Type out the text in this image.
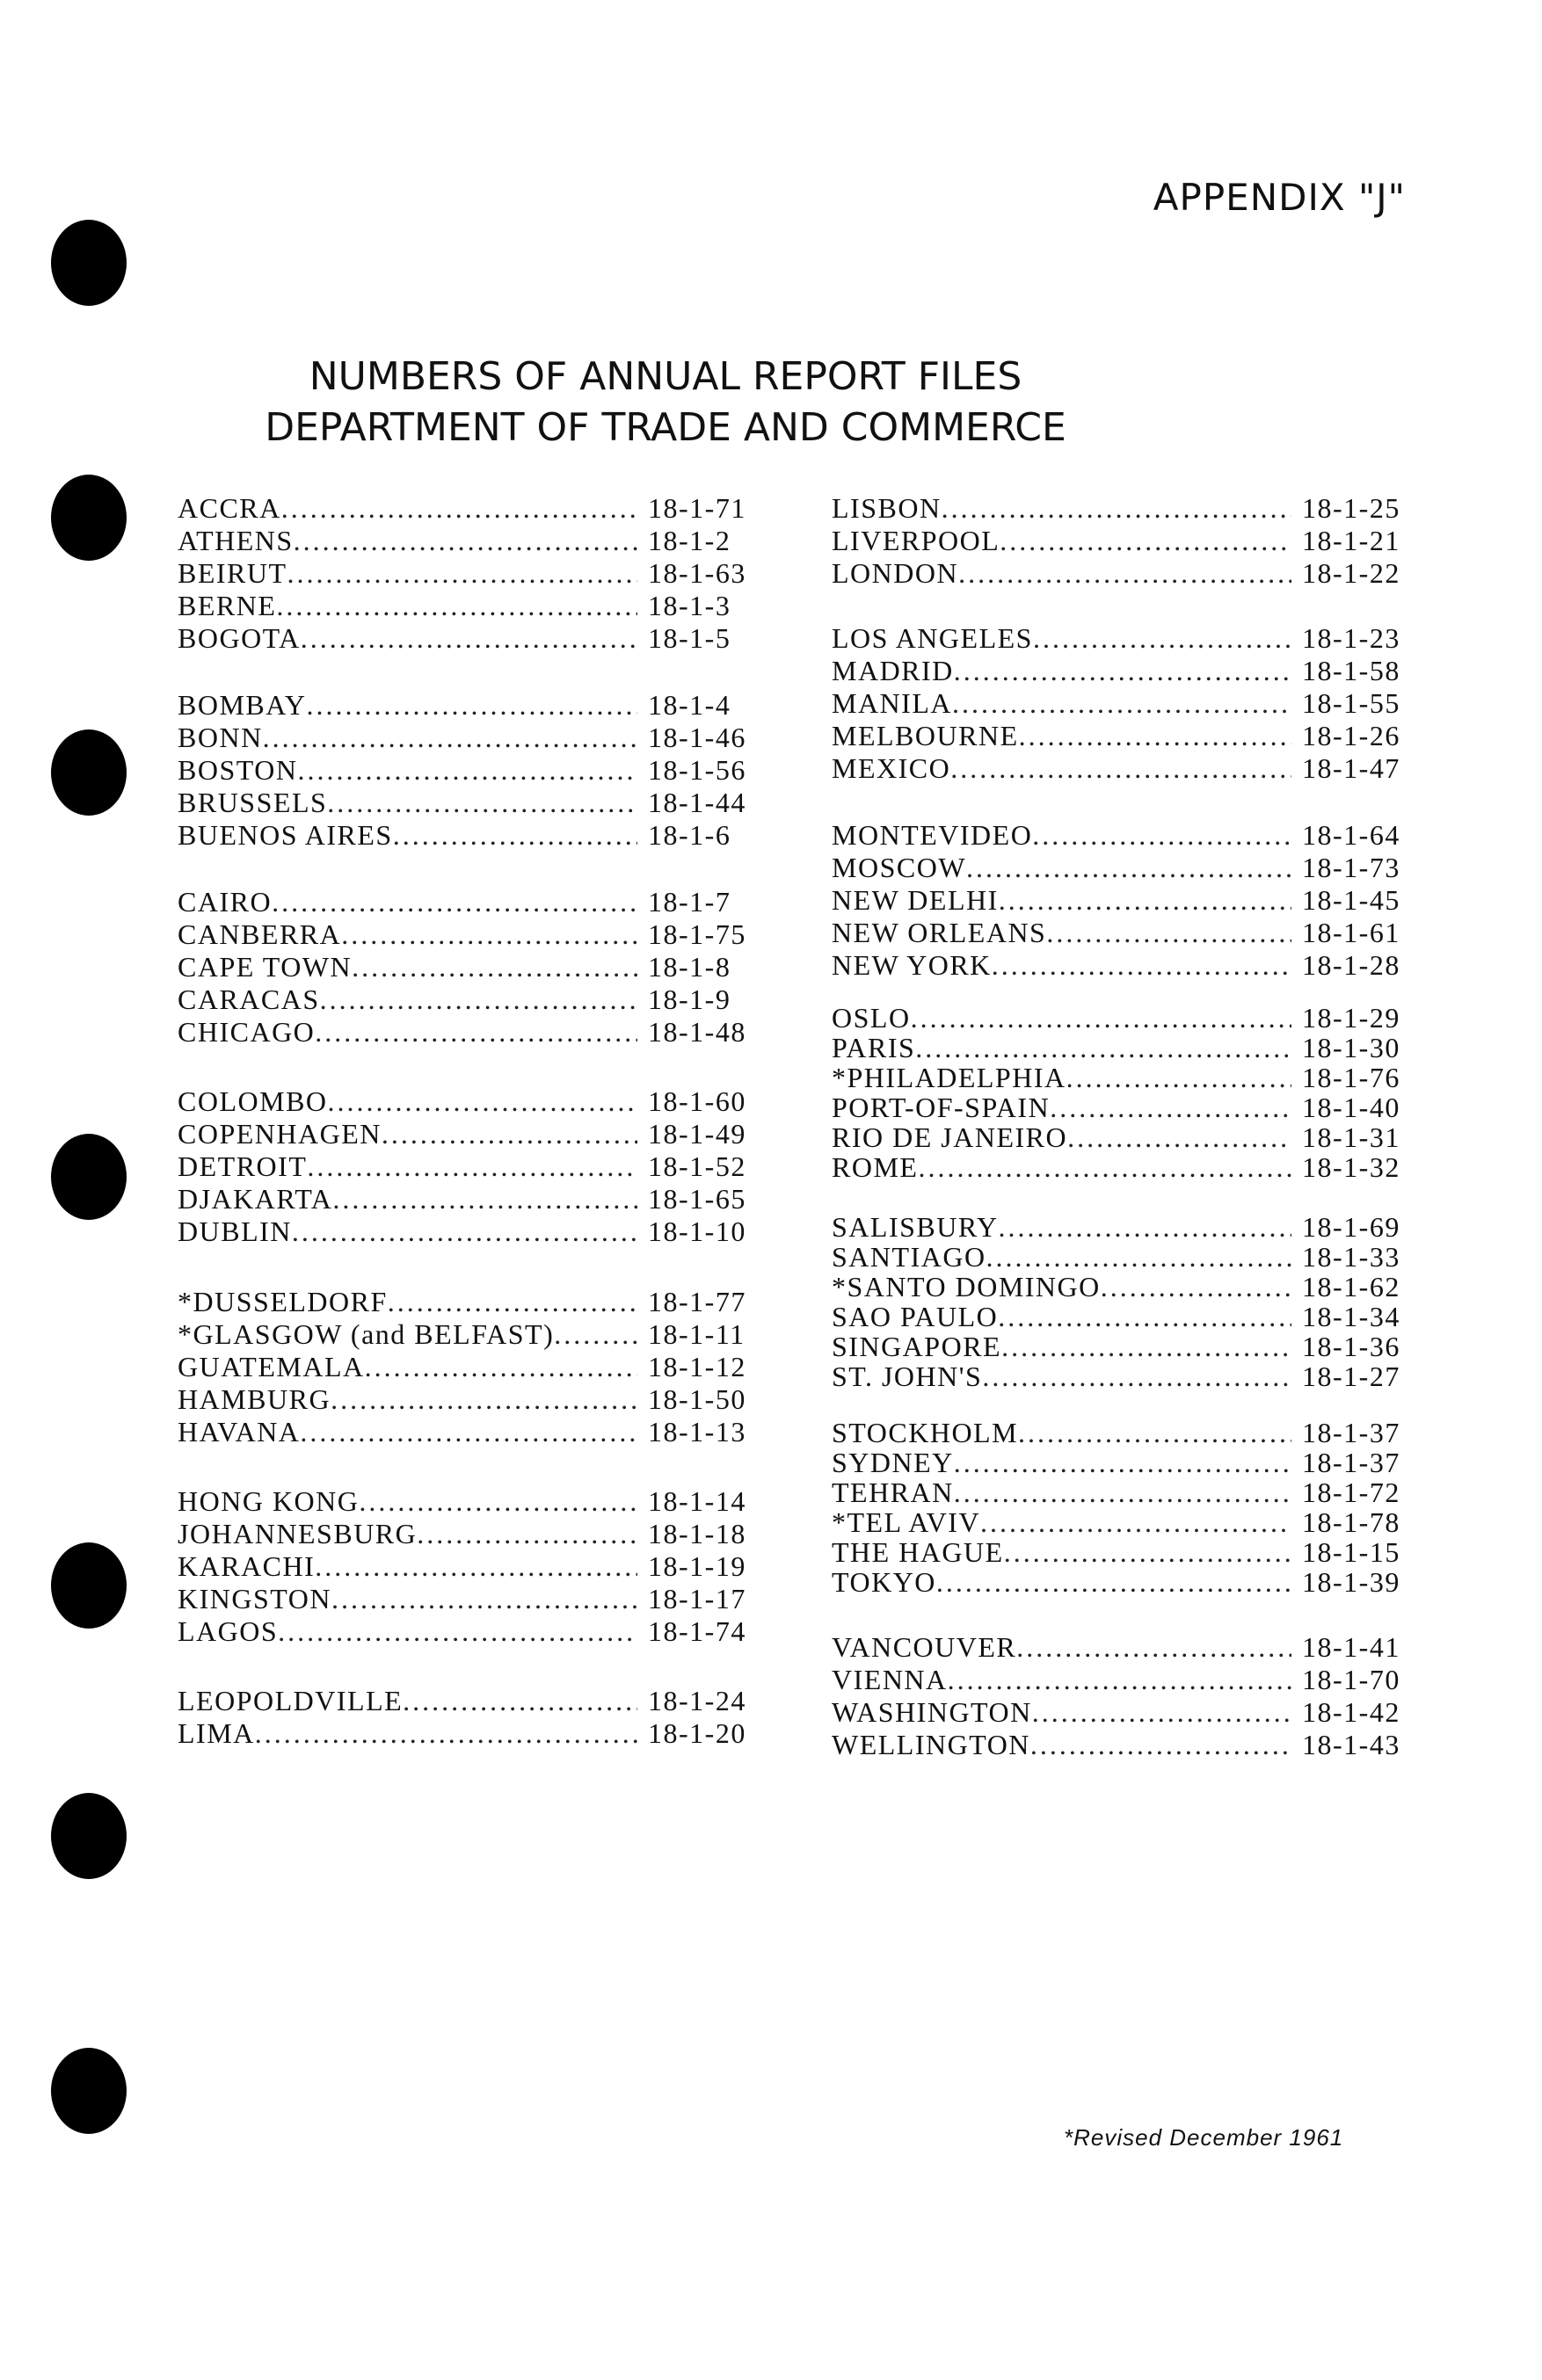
APPENDIX "J"
NUMBERS OF ANNUAL REPORT FILES
DEPARTMENT OF TRADE AND COMMERCE
ACCRA .....	18-1-71
ATHENS .....	18-1-2
BEIRUT .....	18-1-63
BERNE .....	18-1-3
BOGOTA .....	18-1-5
BOMBAY .....	18-1-4
BONN .....	18-1-46
BOSTON .....	18-1-56
BRUSSELS .....	18-1-44
BUENOS AIRES .....	18-1-6
CAIRO .....	18-1-7
CANBERRA .....	18-1-75
CAPE TOWN .....	18-1-8
CARACAS .....	18-1-9
CHICAGO .....	18-1-48
COLOMBO .....	18-1-60
COPENHAGEN .....	18-1-49
DETROIT .....	18-1-52
DJAKARTA .....	18-1-65
DUBLIN .....	18-1-10
*DUSSELDORF .....	18-1-77
*GLASGOW (and BELFAST) .....	18-1-11
GUATEMALA .....	18-1-12
HAMBURG .....	18-1-50
HAVANA .....	18-1-13
HONG KONG .....	18-1-14
JOHANNESBURG .....	18-1-18
KARACHI .....	18-1-19
KINGSTON .....	18-1-17
LAGOS .....	18-1-74
LEOPOLDVILLE .....	18-1-24
LIMA .....	18-1-20
LISBON .....	18-1-25
LIVERPOOL .....	18-1-21
LONDON .....	18-1-22
LOS ANGELES .....	18-1-23
MADRID .....	18-1-58
MANILA .....	18-1-55
MELBOURNE .....	18-1-26
MEXICO .....	18-1-47
MONTEVIDEO .....	18-1-64
MOSCOW .....	18-1-73
NEW DELHI .....	18-1-45
NEW ORLEANS .....	18-1-61
NEW YORK .....	18-1-28
OSLO .....	18-1-29
PARIS .....	18-1-30
*PHILADELPHIA .....	18-1-76
PORT-OF-SPAIN .....	18-1-40
RIO DE JANEIRO .....	18-1-31
ROME .....	18-1-32
SALISBURY .....	18-1-69
SANTIAGO .....	18-1-33
*SANTO DOMINGO .....	18-1-62
SAO PAULO .....	18-1-34
SINGAPORE .....	18-1-36
ST. JOHN'S .....	18-1-27
STOCKHOLM .....	18-1-37
SYDNEY .....	18-1-37
TEHRAN .....	18-1-72
*TEL AVIV .....	18-1-78
THE HAGUE .....	18-1-15
TOKYO .....	18-1-39
VANCOUVER .....	18-1-41
VIENNA .....	18-1-70
WASHINGTON .....	18-1-42
WELLINGTON .....	18-1-43
*Revised December 1961
